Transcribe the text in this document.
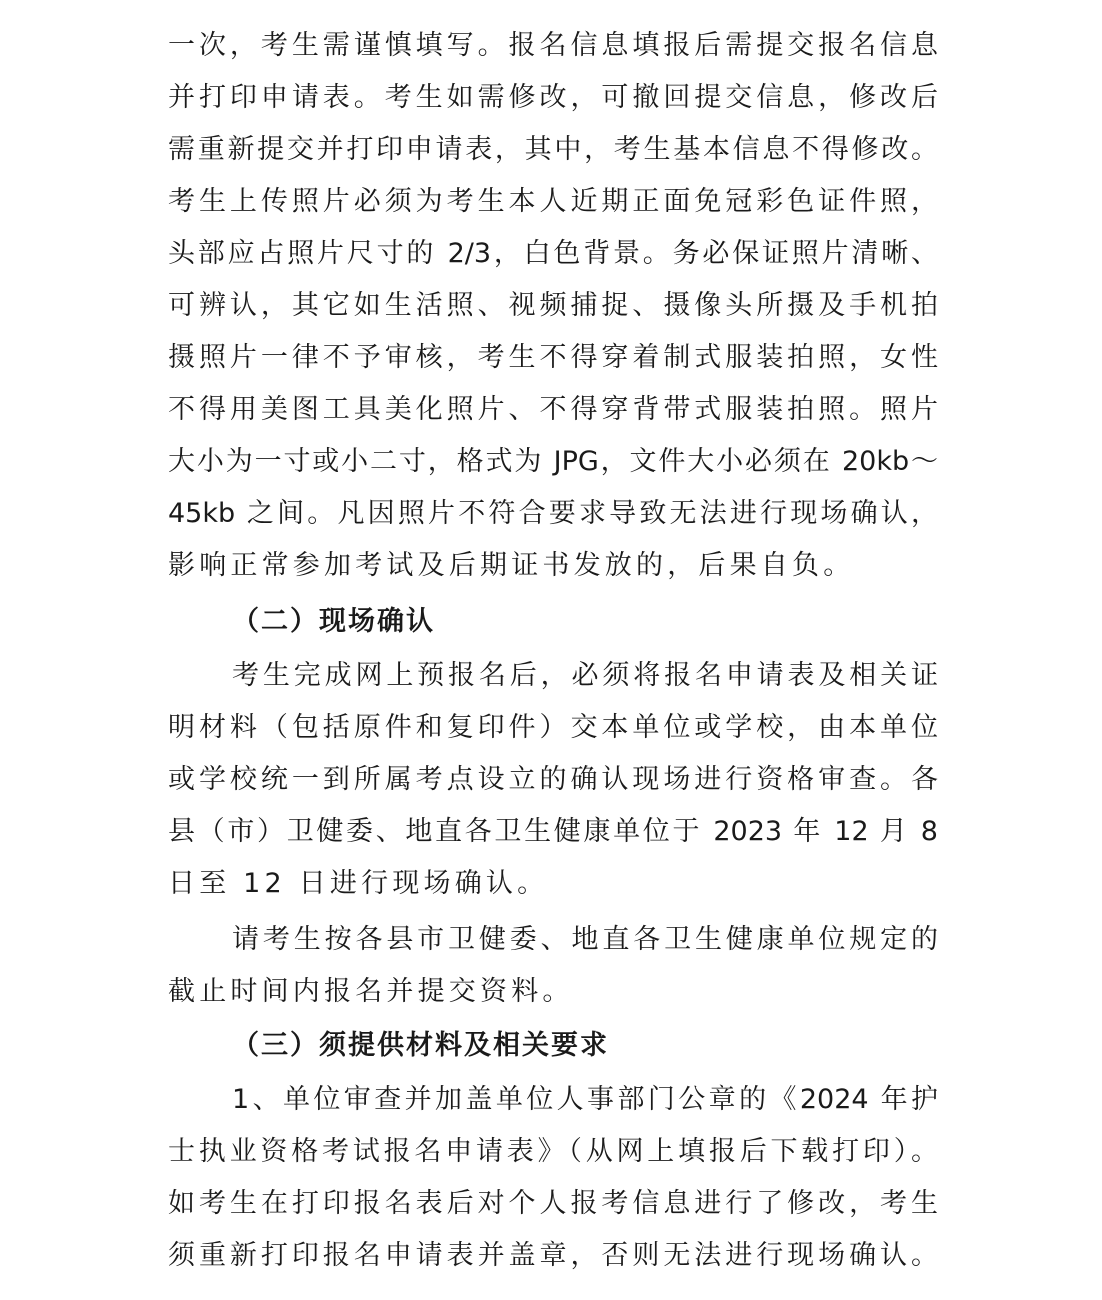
一次，考生需谨慎填写。报名信息填报后需提交报名信息
并打印申请表。考生如需修改，可撤回提交信息，修改后
需重新提交并打印申请表，其中，考生基本信息不得修改。
考生上传照片必须为考生本人近期正面免冠彩色证件照，
头部应占照片尺寸的 2/3，白色背景。务必保证照片清晰、
可辨认，其它如生活照、视频捕捉、摄像头所摄及手机拍
摄照片一律不予审核，考生不得穿着制式服装拍照，女性
不得用美图工具美化照片、不得穿背带式服装拍照。照片
大小为一寸或小二寸，格式为 JPG，文件大小必须在 20kb～
45kb 之间。凡因照片不符合要求导致无法进行现场确认，
影响正常参加考试及后期证书发放的，后果自负。
（二）现场确认
考生完成网上预报名后，必须将报名申请表及相关证
明材料（包括原件和复印件）交本单位或学校，由本单位
或学校统一到所属考点设立的确认现场进行资格审查。各
县（市）卫健委、地直各卫生健康单位于 2023 年 12 月 8
日至 12 日进行现场确认。
请考生按各县市卫健委、地直各卫生健康单位规定的
截止时间内报名并提交资料。
（三）须提供材料及相关要求
1、单位审查并加盖单位人事部门公章的《2024 年护
士执业资格考试报名申请表》（从网上填报后下载打印）。
如考生在打印报名表后对个人报考信息进行了修改，考生
须重新打印报名申请表并盖章，否则无法进行现场确认。
